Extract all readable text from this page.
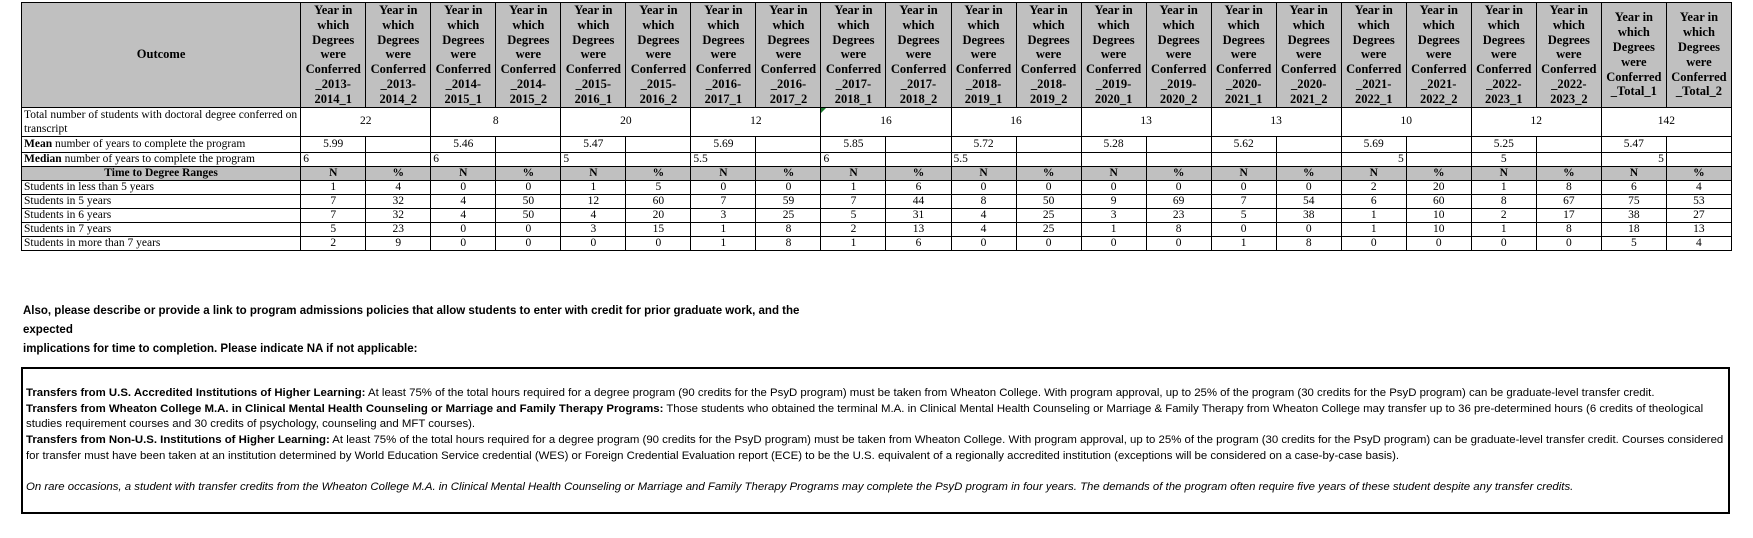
Outcome	Year in which Degrees were Conferred _2013-2014_1	Year in which Degrees were Conferred _2013-2014_2	Year in which Degrees were Conferred _2014-2015_1	Year in which Degrees were Conferred _2014-2015_2	Year in which Degrees were Conferred _2015-2016_1	Year in which Degrees were Conferred _2015-2016_2	Year in which Degrees were Conferred _2016-2017_1	Year in which Degrees were Conferred _2016-2017_2	Year in which Degrees were Conferred _2017-2018_1	Year in which Degrees were Conferred _2017-2018_2	Year in which Degrees were Conferred _2018-2019_1	Year in which Degrees were Conferred _2018-2019_2	Year in which Degrees were Conferred _2019-2020_1	Year in which Degrees were Conferred _2019-2020_2	Year in which Degrees were Conferred _2020-2021_1	Year in which Degrees were Conferred _2020-2021_2	Year in which Degrees were Conferred _2021-2022_1	Year in which Degrees were Conferred _2021-2022_2	Year in which Degrees were Conferred _2022-2023_1	Year in which Degrees were Conferred _2022-2023_2	Year in which Degrees were Conferred _Total_1	Year in which Degrees were Conferred _Total_2
Total number of students with doctoral degree conferred on transcript	22		8		20		12		16		16		13		13		10		12		142	
Mean number of years to complete the program	5.99		5.46		5.47		5.69		5.85		5.72		5.28		5.62		5.69		5.25		5.47	
Median number of years to complete the program	6		6		5		5.5		6		5.5						5		5		5	
Time to Degree Ranges	N	%	N	%	N	%	N	%	N	%	N	%	N	%	N	%	N	%	N	%	N	%
Students in less than 5 years	1	4	0	0	1	5	0	0	1	6	0	0	0	0	0	0	2	20	1	8	6	4
Students in 5 years	7	32	4	50	12	60	7	59	7	44	8	50	9	69	7	54	6	60	8	67	75	53
Students in 6 years	7	32	4	50	4	20	3	25	5	31	4	25	3	23	5	38	1	10	2	17	38	27
Students in 7 years	5	23	0	0	3	15	1	8	2	13	4	25	1	8	0	0	1	10	1	8	18	13
Students in more than 7 years	2	9	0	0	0	0	1	8	1	6	0	0	0	0	1	8	0	0	0	0	5	4
Also, please describe or provide a link to program admissions policies that allow students to enter with credit for prior graduate work, and the expected
implications for time to completion. Please indicate NA if not applicable:

Transfers from U.S. Accredited Institutions of Higher Learning: At least 75% of the total hours required for a degree program (90 credits for the PsyD program) must be taken from Wheaton College. With program approval, up to 25% of the program (30 credits for the PsyD program) can be graduate-level transfer credit.

Transfers from Wheaton College M.A. in Clinical Mental Health Counseling or Marriage and Family Therapy Programs: Those students who obtained the terminal M.A. in Clinical Mental Health Counseling or Marriage & Family Therapy from Wheaton College may transfer up to 36 pre-determined hours (6 credits of theological studies requirement courses and 30 credits of psychology, counseling and MFT courses).

Transfers from Non-U.S. Institutions of Higher Learning: At least 75% of the total hours required for a degree program (90 credits for the PsyD program) must be taken from Wheaton College. With program approval, up to 25% of the program (30 credits for the PsyD program) can be graduate-level transfer credit. Courses considered for transfer must have been taken at an institution determined by World Education Service credential (WES) or Foreign Credential Evaluation report (ECE) to be the U.S. equivalent of a regionally accredited institution (exceptions will be considered on a case-by-case basis).

On rare occasions, a student with transfer credits from the Wheaton College M.A. in Clinical Mental Health Counseling or Marriage and Family Therapy Programs may complete the PsyD program in four years. The demands of the program often require five years of these student despite any transfer credits.
